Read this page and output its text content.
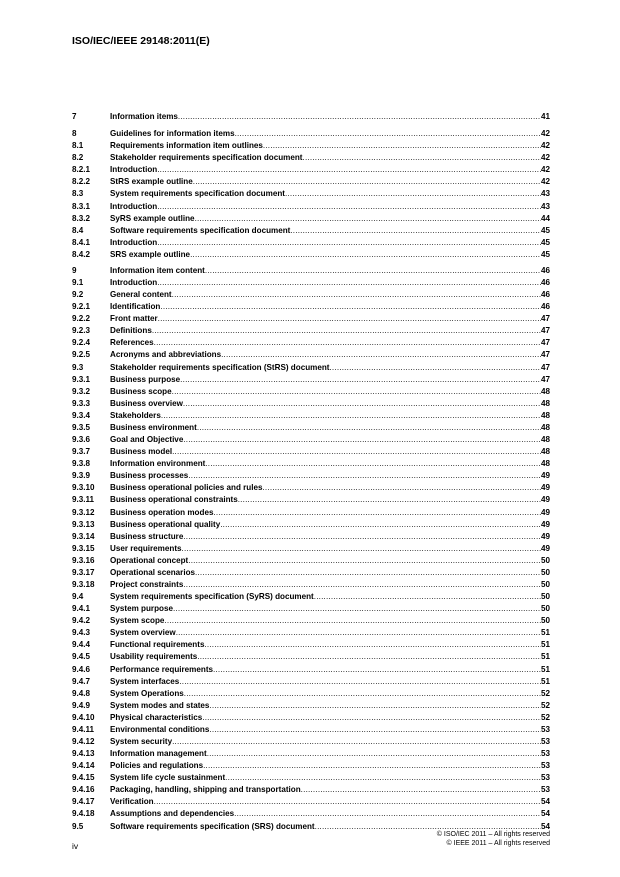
ISO/IEC/IEEE 29148:2011(E)
7	Information items .....	41
8	Guidelines for information items .....	42
8.1	Requirements information item outlines .....	42
8.2	Stakeholder requirements specification document .....	42
8.2.1	Introduction .....	42
8.2.2	StRS example outline .....	42
8.3	System requirements specification document .....	43
8.3.1	Introduction .....	43
8.3.2	SyRS example outline .....	44
8.4	Software requirements specification document .....	45
8.4.1	Introduction .....	45
8.4.2	SRS example outline .....	45
9	Information item content .....	46
9.1	Introduction .....	46
9.2	General content .....	46
9.2.1	Identification .....	46
9.2.2	Front matter .....	47
9.2.3	Definitions .....	47
9.2.4	References .....	47
9.2.5	Acronyms and abbreviations .....	47
9.3	Stakeholder requirements specification (StRS) document .....	47
9.3.1	Business purpose .....	47
9.3.2	Business scope .....	48
9.3.3	Business overview .....	48
9.3.4	Stakeholders .....	48
9.3.5	Business environment .....	48
9.3.6	Goal and Objective .....	48
9.3.7	Business model .....	48
9.3.8	Information environment .....	48
9.3.9	Business processes .....	49
9.3.10	Business operational policies and rules .....	49
9.3.11	Business operational constraints .....	49
9.3.12	Business operation modes .....	49
9.3.13	Business operational quality .....	49
9.3.14	Business structure .....	49
9.3.15	User requirements .....	49
9.3.16	Operational concept .....	50
9.3.17	Operational scenarios .....	50
9.3.18	Project constraints .....	50
9.4	System requirements specification (SyRS) document .....	50
9.4.1	System purpose .....	50
9.4.2	System scope .....	50
9.4.3	System overview .....	51
9.4.4	Functional requirements .....	51
9.4.5	Usability requirements .....	51
9.4.6	Performance requirements .....	51
9.4.7	System interfaces .....	51
9.4.8	System Operations .....	52
9.4.9	System modes and states .....	52
9.4.10	Physical characteristics .....	52
9.4.11	Environmental conditions .....	53
9.4.12	System security .....	53
9.4.13	Information management .....	53
9.4.14	Policies and regulations .....	53
9.4.15	System life cycle sustainment .....	53
9.4.16	Packaging, handling, shipping and transportation .....	53
9.4.17	Verification .....	54
9.4.18	Assumptions and dependencies .....	54
9.5	Software requirements specification (SRS) document .....	54
© ISO/IEC 2011 – All rights reserved
© IEEE 2011 – All rights reserved
iv
